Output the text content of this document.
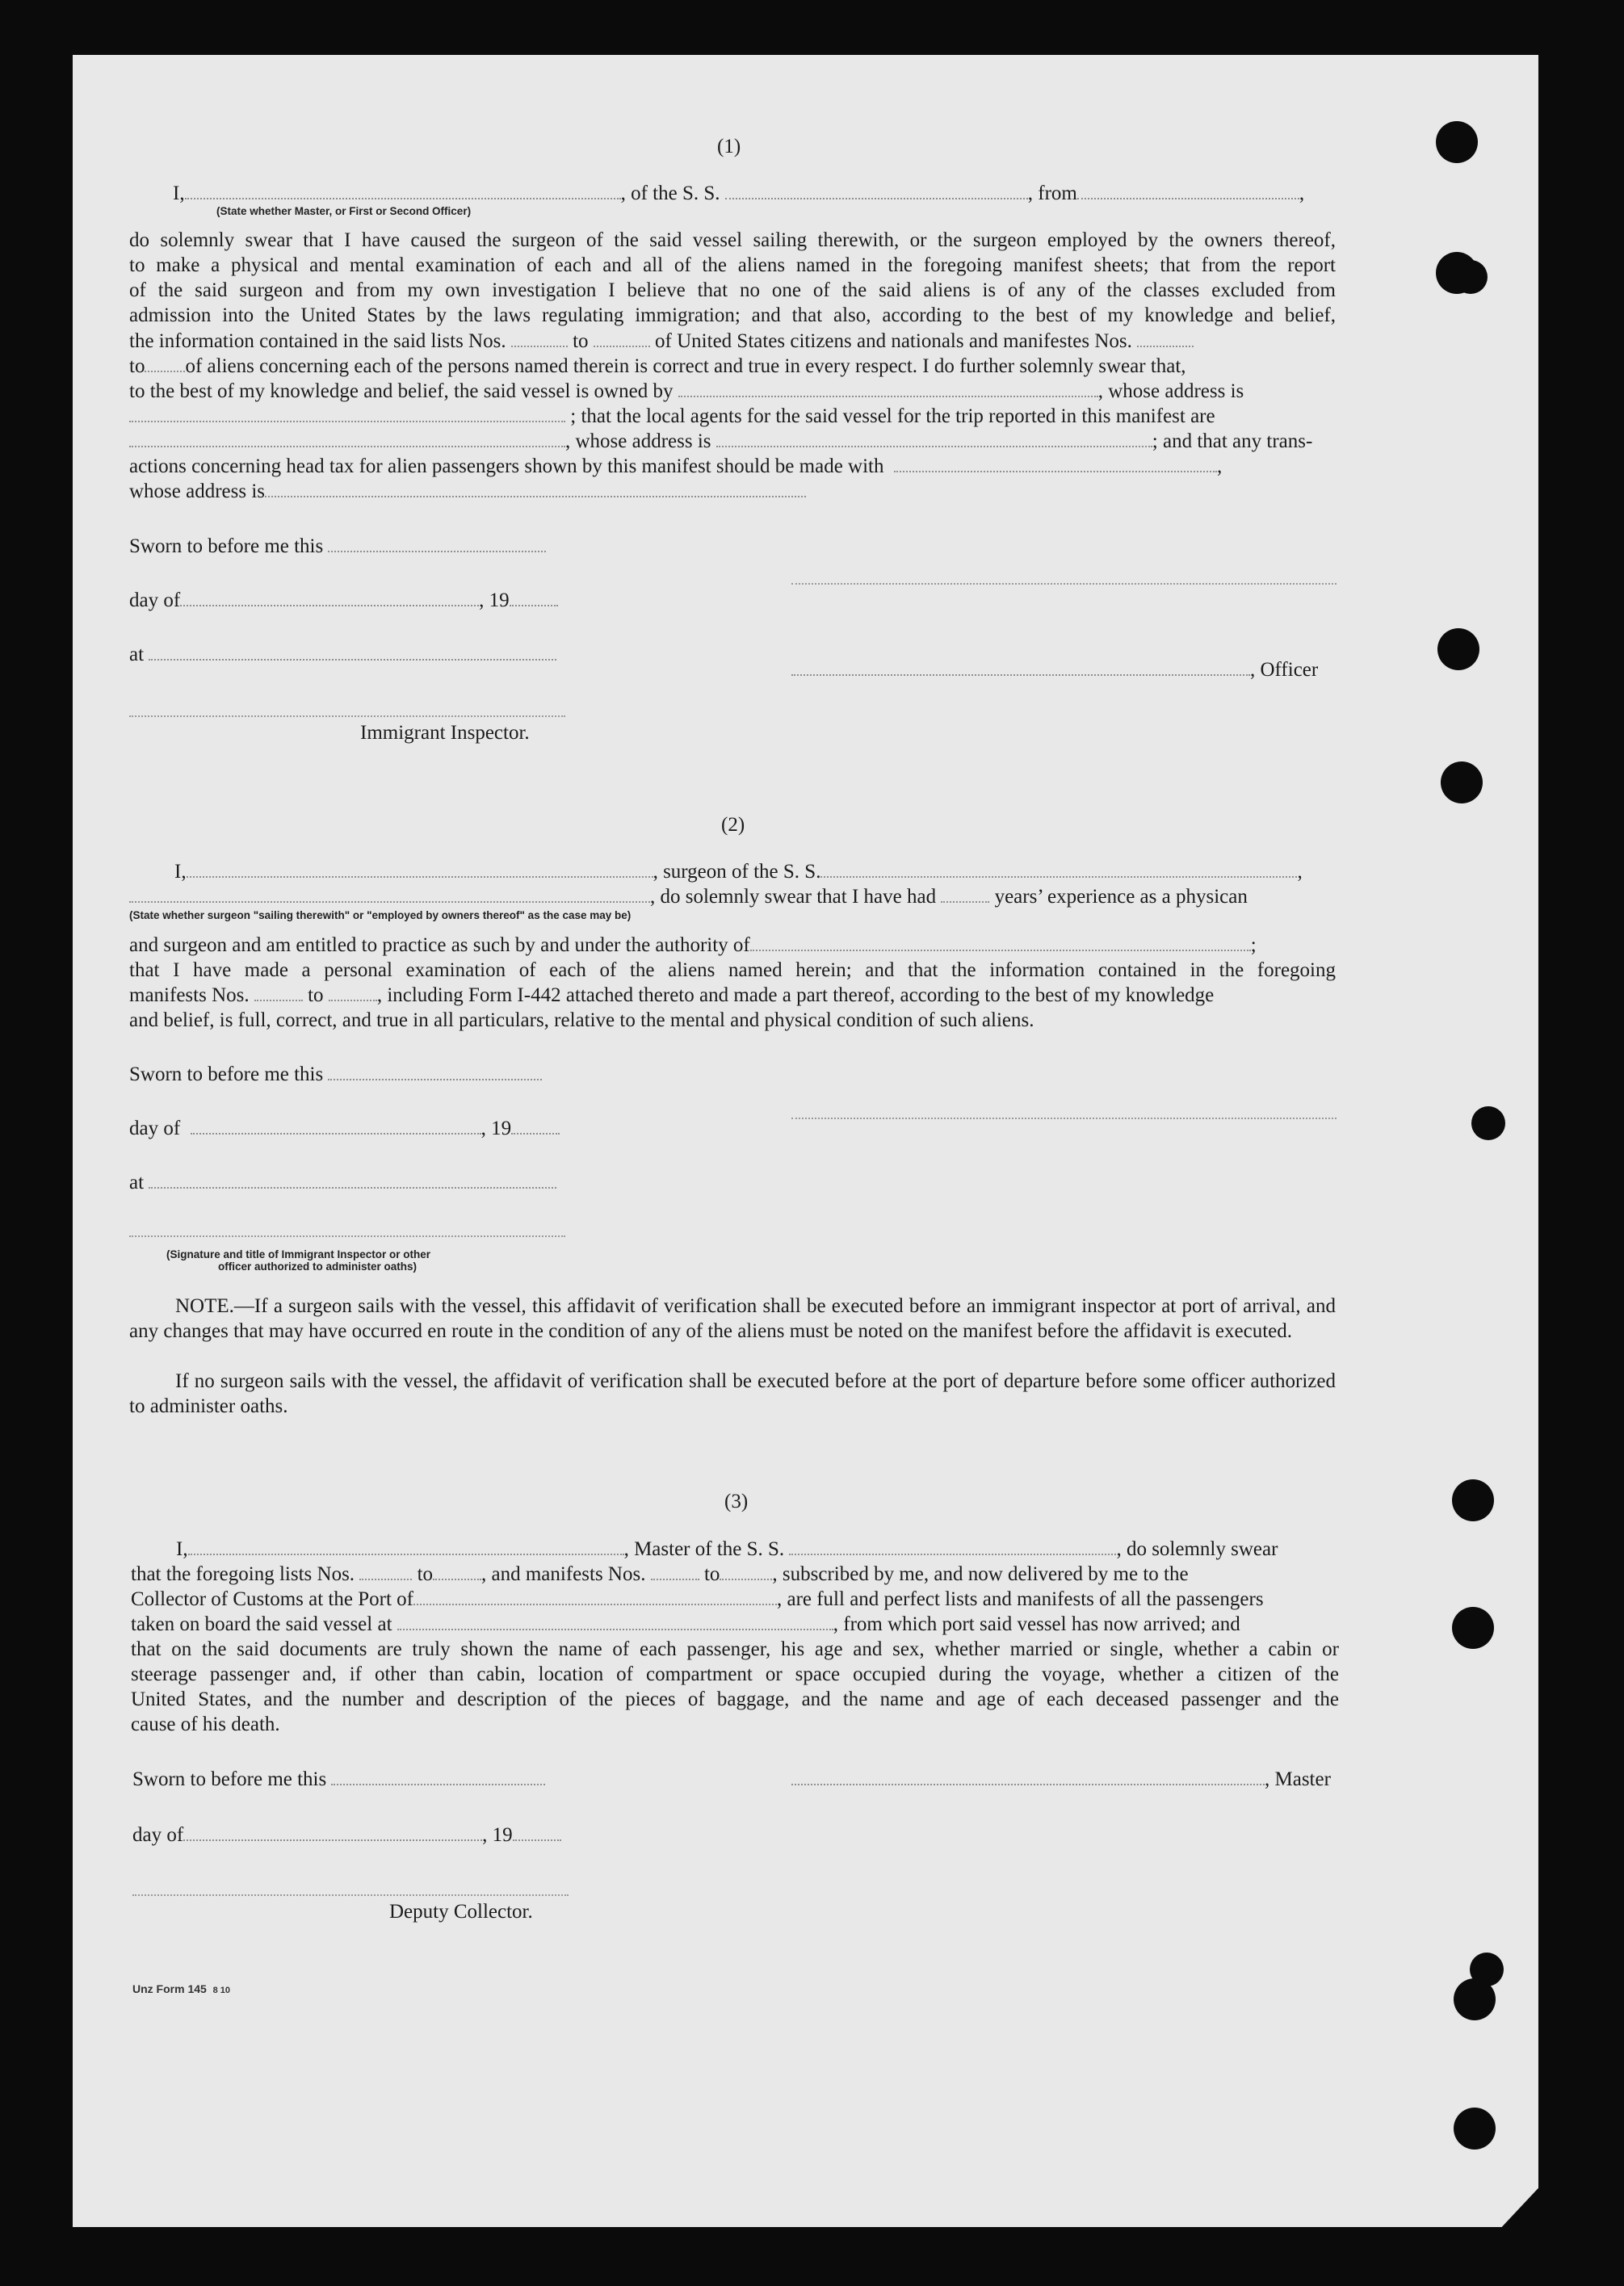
(1)
I,	, of the S. S.	, from	,
(State whether Master, or First or Second Officer)
do solemnly swear that I have caused the surgeon of the said vessel sailing therewith, or the surgeon employed by the owners thereof,
to make a physical and mental examination of each and all of the aliens named in the foregoing manifest sheets; that from the report
of the said surgeon and from my own investigation I believe that no one of the said aliens is of any of the classes excluded from
admission into the United States by the laws regulating immigration; and that also, according to the best of my knowledge and belief,
the information contained in the said lists Nos.	to	of United States citizens and nationals and manifestes Nos.
to of aliens concerning each of the persons named therein is correct and true in every respect. I do further solemnly swear that,
to the best of my knowledge and belief, the said vessel is owned by	, whose address is
; that the local agents for the said vessel for the trip reported in this manifest are
, whose address is	; and that any trans-
actions concerning head tax for alien passengers shown by this manifest should be made with	,
whose address is
Sworn to before me this
day of	, 19
at
, Officer
Immigrant Inspector.
(2)
I,	, surgeon of the S. S.	,
, do solemnly swear that I have had	years’ experience as a physican
(State whether surgeon "sailing therewith" or "employed by owners thereof" as the case may be)
and surgeon and am entitled to practice as such by and under the authority of	;
that I have made a personal examination of each of the aliens named herein; and that the information contained in the foregoing
manifests Nos.	to	, including Form I-442 attached thereto and made a part thereof, according to the best of my knowledge
and belief, is full, correct, and true in all particulars, relative to the mental and physical condition of such aliens.
Sworn to before me this
day of	, 19
at
(Signature and title of Immigrant Inspector or other
officer authorized to administer oaths)
NOTE.—If a surgeon sails with the vessel, this affidavit of verification shall be executed before an immigrant inspector at port of arrival, and any changes that may have occurred en route in the condition of any of the aliens must be noted on the manifest before the affidavit is executed.
If no surgeon sails with the vessel, the affidavit of verification shall be executed before at the port of departure before some officer authorized to administer oaths.
(3)
I,	, Master of the S. S.	, do solemnly swear
that the foregoing lists Nos.	to , and manifests Nos.	to	, subscribed by me, and now delivered by me to the
Collector of Customs at the Port of	, are full and perfect lists and manifests of all the passengers
taken on board the said vessel at	, from which port said vessel has now arrived; and
that on the said documents are truly shown the name of each passenger, his age and sex, whether married or single, whether a cabin or
steerage passenger and, if other than cabin, location of compartment or space occupied during the voyage, whether a citizen of the
United States, and the number and description of the pieces of baggage, and the name and age of each deceased passenger and the
cause of his death.
Sworn to before me this	, Master
day of	, 19
Deputy Collector.
Unz Form 145 8 10
